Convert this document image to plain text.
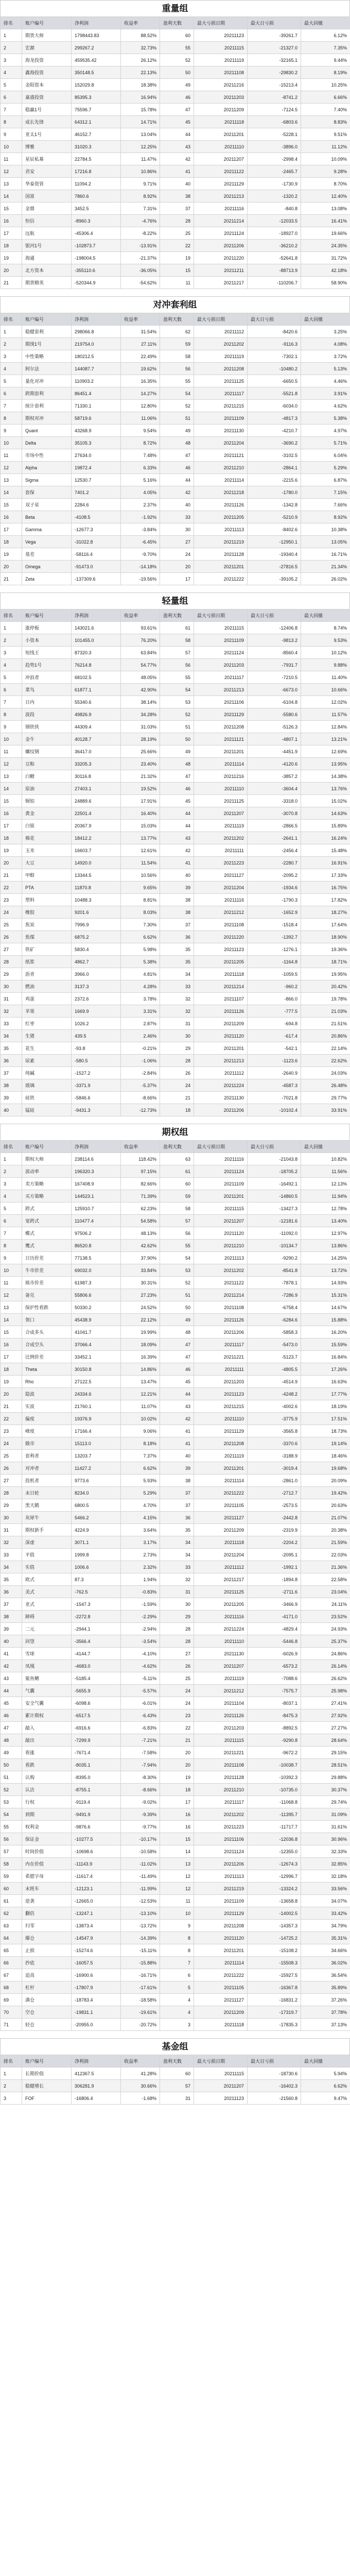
重量组
排名	账户编号	净利润	收益率	盈利天数	最大亏损日期	最大日亏损	最大回撤
1	期货大师	1798443.83	88.52%	60	20211123	-39261.7	6.12%
2	宏源	299267.2	32.73%	55	20211115	-21327.0	7.35%
3	海龙投资	459535.42	26.12%	52	20211119	-32165.1	9.44%
4	鑫海投资	350148.5	22.13%	50	20211108	-29830.2	8.19%
5	金阳资本	152029.8	18.38%	49	20211216	-15213.4	10.25%
6	嘉盛投资	85395.3	16.94%	46	20211203	-8741.2	6.66%
7	稳赢1号	75596.7	15.78%	47	20211209	-7124.5	7.40%
8	成长先锋	64312.1	14.71%	45	20211118	-6803.6	8.83%
9	亚太1号	46152.7	13.04%	44	20211201	-5228.1	9.51%
10	博雅	31020.3	12.25%	43	20211110	-3896.0	11.12%
11	星辰私募	22784.5	11.47%	42	20211207	-2998.4	10.09%
12	君安	17216.8	10.86%	41	20211122	-2465.7	9.28%
13	华泰资管	11094.2	9.71%	40	20211129	-1730.9	8.70%
14	国富	7860.6	8.92%	38	20211213	-1320.2	12.40%
15	金鼎	3452.5	7.31%	37	20211116	-840.8	13.08%
16	恒信	-8960.3	-4.76%	28	20211214	-12033.5	16.41%
17	远航	-45306.4	-8.22%	25	20211124	-18927.0	19.66%
18	银河1号	-102873.7	-13.91%	22	20211206	-36210.2	24.35%
19	海通	-198004.5	-21.37%	19	20211220	-52641.8	31.72%
20	北方资本	-355110.6	-36.05%	15	20211211	-88713.9	42.18%
21	期货精英	-520344.9	-54.62%	11	20211217	-110206.7	58.90%
对冲套利组
排名	账户编号	净利润	收益率	盈利天数	最大亏损日期	最大日亏损	最大回撤
1	稳健套利	298066.8	31.54%	62	20211112	-8420.6	3.25%
2	期现1号	219754.0	27.11%	59	20211202	-9116.3	4.08%
3	中性策略	180212.5	22.49%	58	20211119	-7302.1	3.72%
4	阿尔法	144087.7	19.62%	56	20211208	-10480.2	5.13%
5	量化对冲	110903.2	16.35%	55	20211125	-6650.5	4.46%
6	跨期套利	86451.4	14.27%	54	20211117	-5521.8	3.91%
7	统计套利	71330.1	12.80%	52	20211215	-6034.0	4.62%
8	期权对冲	58719.6	11.06%	51	20211109	-4817.3	5.38%
9	Quant	43268.9	9.54%	49	20211130	-4210.7	4.97%
10	Delta	35105.3	8.72%	48	20211204	-3690.2	5.71%
11	市场中性	27634.0	7.48%	47	20211121	-3102.5	6.04%
12	Alpha	19872.4	6.33%	46	20211210	-2864.1	5.29%
13	Sigma	12530.7	5.16%	44	20211114	-2215.6	6.87%
14	套保	7401.2	4.05%	42	20211218	-1780.0	7.15%
15	双子星	2284.6	2.37%	40	20211126	-1342.8	7.66%
16	Beta	-4108.5	-1.92%	33	20211205	-5210.9	8.92%
17	Gamma	-12677.3	-3.84%	30	20211113	-8402.6	10.38%
18	Vega	-31022.8	-6.45%	27	20211219	-12950.1	13.05%
19	基差	-58116.4	-9.70%	24	20211128	-19340.4	16.71%
20	Omega	-91473.0	-14.18%	20	20211201	-27816.5	21.34%
21	Zeta	-137309.6	-19.56%	17	20211222	-39105.2	26.02%
轻量组
排名	账户编号	净利润	收益率	盈利天数	最大亏损日期	最大日亏损	最大回撤
1	涨停板	143021.6	93.61%	61	20211115	-12406.8	8.74%
2	小资本	101455.0	76.20%	58	20211109	-9813.2	9.53%
3	短线王	87320.3	63.84%	57	20211124	-8560.4	10.12%
4	趋势1号	76214.8	54.77%	56	20211203	-7931.7	9.88%
5	冲浪者	68102.5	48.05%	55	20211117	-7210.5	11.40%
6	菜鸟	61877.1	42.90%	54	20211213	-6673.0	10.66%
7	日内	55340.6	38.14%	53	20211106	-6104.8	12.02%
8	波段	49826.9	34.28%	52	20211129	-5580.6	11.57%
9	钢铁侠	44309.4	31.03%	51	20211208	-5126.3	12.84%
10	金牛	40128.7	28.19%	50	20211121	-4807.1	13.21%
11	螺纹钢	36417.0	25.66%	49	20211201	-4451.9	12.69%
12	豆粕	33205.3	23.40%	48	20211114	-4120.6	13.95%
13	白糖	30116.8	21.32%	47	20211216	-3857.2	14.38%
14	原油	27403.1	19.52%	46	20211110	-3604.4	13.76%
15	铜铝	24889.6	17.91%	45	20211125	-3318.0	15.02%
16	黄金	22501.4	16.40%	44	20211207	-3070.8	14.63%
17	白银	20367.9	15.03%	44	20211119	-2866.5	15.89%
18	棉花	18412.2	13.77%	43	20211202	-2641.1	16.24%
19	玉米	16603.7	12.61%	42	20211111	-2456.4	15.48%
20	大豆	14920.0	11.54%	41	20211223	-2280.7	16.91%
21	甲醇	13344.5	10.56%	40	20211127	-2095.2	17.33%
22	PTA	11870.8	9.65%	39	20211204	-1934.6	16.75%
23	塑料	10488.3	8.81%	38	20211116	-1790.3	17.82%
24	橡胶	9201.6	8.03%	38	20211212	-1652.9	18.27%
25	焦炭	7996.9	7.30%	37	20211108	-1518.4	17.64%
26	焦煤	6875.2	6.62%	36	20211220	-1392.7	18.90%
27	铁矿	5830.4	5.98%	35	20211123	-1276.1	19.36%
28	纸浆	4862.7	5.38%	35	20211205	-1164.8	18.71%
29	沥青	3966.0	4.81%	34	20211118	-1059.5	19.95%
30	燃油	3137.3	4.28%	33	20211214	-960.2	20.42%
31	鸡蛋	2372.6	3.78%	32	20211107	-866.0	19.78%
32	苹果	1669.9	3.31%	32	20211126	-777.5	21.03%
33	红枣	1026.2	2.87%	31	20211209	-694.8	21.51%
34	生猪	439.5	2.46%	30	20211120	-617.4	20.86%
35	花生	-93.8	-0.21%	29	20211201	-542.1	22.14%
36	尿素	-580.5	-1.06%	28	20211213	-1123.6	22.62%
37	纯碱	-1527.2	-2.84%	26	20211112	-2640.9	24.03%
38	玻璃	-3371.9	-5.37%	24	20211224	-4587.3	26.48%
39	硅铁	-5846.6	-8.66%	21	20211130	-7021.8	29.77%
40	锰硅	-9431.3	-12.73%	18	20211206	-10102.4	33.91%
期权组
排名	账户编号	净利润	收益率	盈利天数	最大亏损日期	最大日亏损	最大回撤
1	期权大师	238114.6	118.42%	63	20211116	-21043.8	10.82%
2	波动率	196320.3	97.15%	61	20211124	-18705.2	11.56%
3	卖方策略	167408.9	82.66%	60	20211109	-16492.1	12.13%
4	买方策略	144523.1	71.39%	59	20211201	-14860.5	11.94%
5	跨式	125910.7	62.23%	58	20211115	-13427.3	12.78%
6	宽跨式	110477.4	54.58%	57	20211207	-12181.6	13.40%
7	蝶式	97506.2	48.13%	56	20211120	-11092.0	12.97%
8	鹰式	86520.8	42.62%	55	20211210	-10134.7	13.86%
9	日历价差	77138.5	37.90%	54	20211113	-9290.2	14.25%
10	牛市价差	69032.0	33.84%	53	20211202	-8541.8	13.72%
11	熊市价差	61987.3	30.31%	52	20211122	-7878.1	14.93%
12	备兑	55806.6	27.23%	51	20211214	-7286.9	15.31%
13	保护性看跌	50330.2	24.52%	50	20211108	-6758.4	14.67%
14	领口	45438.9	22.12%	49	20211126	-6284.6	15.88%
15	合成多头	41041.7	19.99%	48	20211206	-5858.3	16.20%
16	合成空头	37066.4	18.09%	47	20211117	-5473.0	15.59%
17	比例价差	33452.1	16.39%	47	20211221	-5123.7	16.84%
18	Theta	30150.8	14.86%	46	20211111	-4805.5	17.26%
19	Rho	27122.5	13.47%	45	20211203	-4514.9	16.63%
20	隐波	24334.6	12.21%	44	20211123	-4248.2	17.77%
21	实波	21760.1	11.07%	43	20211215	-4002.6	18.19%
22	偏度	19376.9	10.02%	42	20211110	-3775.9	17.51%
23	峰度	17166.4	9.06%	41	20211129	-3565.8	18.73%
24	做市	15113.0	8.18%	41	20211208	-3370.6	19.14%
25	套利者	13203.7	7.37%	40	20211119	-3188.9	18.46%
26	对冲者	11427.2	6.62%	39	20211201	-3019.4	19.68%
27	投机者	9773.6	5.93%	38	20211114	-2861.0	20.09%
28	末日轮	8234.0	5.29%	37	20211222	-2712.7	19.42%
29	黑天鹅	6800.5	4.70%	37	20211105	-2573.5	20.63%
30	灰犀牛	5466.2	4.15%	36	20211127	-2442.8	21.07%
31	期权新手	4224.9	3.64%	35	20211209	-2319.9	20.38%
32	深虚	3071.1	3.17%	34	20211118	-2204.2	21.59%
33	平值	1999.8	2.73%	34	20211204	-2095.1	22.03%
34	实值	1006.6	2.32%	33	20211112	-1992.1	21.36%
35	欧式	87.3	1.94%	32	20211217	-1894.8	22.58%
36	美式	-762.5	-0.83%	31	20211125	-2711.6	23.04%
37	亚式	-1547.3	-1.59%	30	20211205	-3466.9	24.11%
38	障碍	-2272.8	-2.29%	29	20211116	-4171.0	23.52%
39	二元	-2944.1	-2.94%	28	20211224	-4829.4	24.93%
40	回望	-3566.4	-3.54%	28	20211110	-5446.8	25.37%
41	雪球	-4144.7	-4.10%	27	20211130	-6026.9	24.86%
42	凤凰	-4683.0	-4.62%	26	20211207	-6573.2	26.14%
43	鲨鱼鳍	-5185.4	-5.11%	25	20211119	-7088.6	26.62%
44	气囊	-5655.9	-5.57%	24	20211212	-7575.7	25.98%
45	安全气囊	-6098.6	-6.01%	24	20211104	-8037.1	27.41%
46	累计期权	-6517.5	-6.43%	23	20211126	-8475.3	27.92%
47	敲入	-6916.6	-6.83%	22	20211203	-8892.5	27.27%
48	敲出	-7299.9	-7.21%	21	20211115	-9290.8	28.64%
49	看涨	-7671.4	-7.58%	20	20211221	-9672.2	29.15%
50	看跌	-8035.1	-7.94%	20	20211108	-10038.7	28.51%
51	认购	-8395.0	-8.30%	19	20211128	-10392.3	29.88%
52	认沽	-8755.1	-8.66%	18	20211210	-10735.0	30.37%
53	行权	-9119.4	-9.02%	17	20211117	-11068.8	29.74%
54	到期	-9491.9	-9.39%	16	20211202	-11395.7	31.09%
55	权利金	-9876.6	-9.77%	16	20211223	-11717.7	31.61%
56	保证金	-10277.5	-10.17%	15	20211106	-12036.8	30.96%
57	时间价值	-10698.6	-10.58%	14	20211124	-12355.0	32.33%
58	内在价值	-11143.9	-11.02%	13	20211206	-12674.3	32.85%
59	希腊字母	-11617.4	-11.49%	12	20211113	-12996.7	32.18%
60	末班车	-12123.1	-11.99%	12	20211219	-13324.2	33.56%
61	逆袭	-12665.0	-12.53%	11	20211109	-13658.8	34.07%
62	翻倍	-13247.1	-13.10%	10	20211129	-14002.5	33.42%
63	归零	-13873.4	-13.72%	9	20211208	-14357.3	34.79%
64	爆仓	-14547.9	-14.39%	8	20211120	-14725.2	35.31%
65	止损	-15274.6	-15.11%	8	20211201	-15108.2	34.66%
66	抄底	-16057.5	-15.88%	7	20211114	-15508.3	36.02%
67	追高	-16900.6	-16.71%	6	20211222	-15927.5	36.54%
68	杠杆	-17807.9	-17.61%	5	20211105	-16367.8	35.89%
69	满仓	-18783.4	-18.58%	4	20211127	-16831.2	37.26%
70	空仓	-19831.1	-19.61%	4	20211209	-17319.7	37.78%
71	轻仓	-20955.0	-20.72%	3	20211118	-17835.3	37.13%
基金组
排名	账户编号	净利润	收益率	盈利天数	最大亏损日期	最大日亏损	最大回撤
1	长期价值	412367.5	41.28%	60	20211115	-18730.6	5.94%
2	稳健增长	306281.9	30.66%	57	20211207	-16402.3	6.62%
3	FOF	-16806.4	-1.68%	31	20211123	-21560.8	9.47%
